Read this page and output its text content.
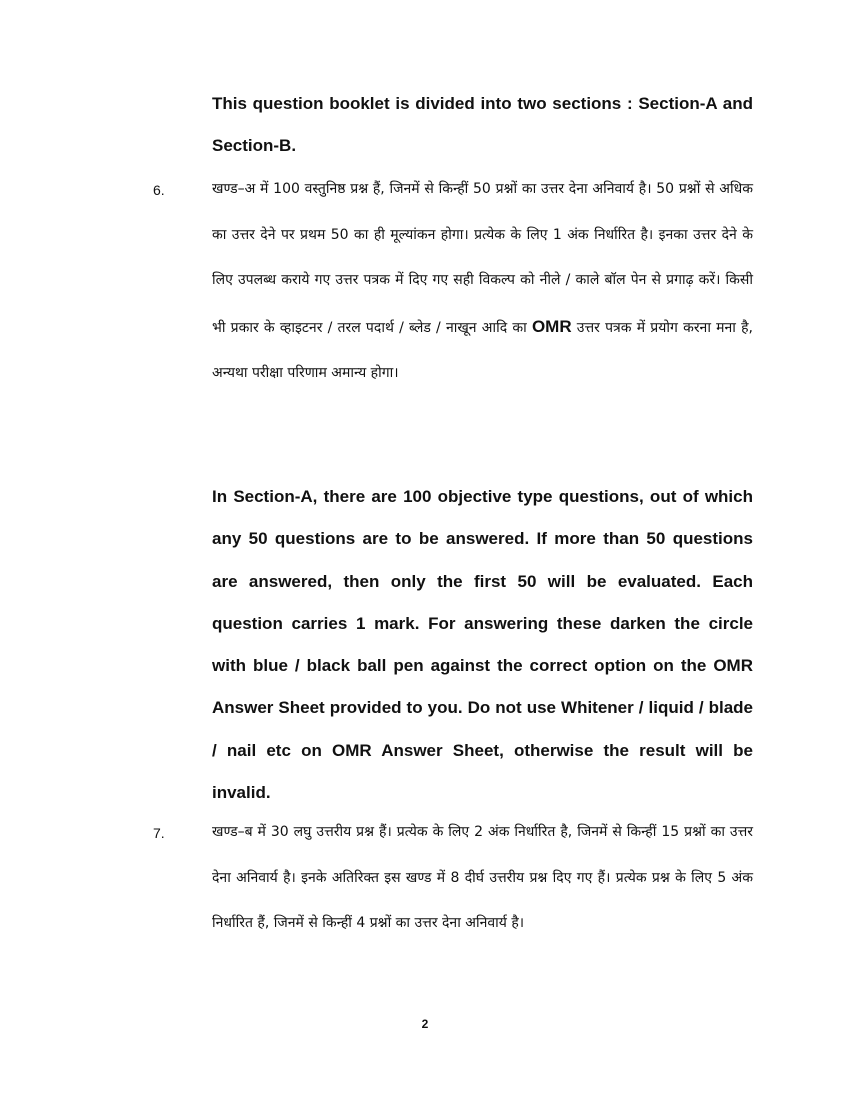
This question booklet is divided into two sections : Section-A and Section-B.

6.	खण्ड–अ में 100 वस्तुनिष्ठ प्रश्न हैं, जिनमें से किन्हीं 50 प्रश्नों का उत्तर देना अनिवार्य है। 50 प्रश्नों से अधिक का उत्तर देने पर प्रथम 50 का ही मूल्यांकन होगा। प्रत्येक के लिए 1 अंक निर्धारित है। इनका उत्तर देने के लिए उपलब्ध कराये गए उत्तर पत्रक में दिए गए सही विकल्प को नीले / काले बॉल पेन से प्रगाढ़ करें। किसी भी प्रकार के व्हाइटनर / तरल पदार्थ / ब्लेड / नाखून आदि का OMR उत्तर पत्रक में प्रयोग करना मना है, अन्यथा परीक्षा परिणाम अमान्य होगा।

In Section-A, there are 100 objective type questions, out of which any 50 questions are to be answered. If more than 50 questions are answered, then only the first 50 will be evaluated. Each question carries 1 mark. For answering these darken the circle with blue / black ball pen against the correct option on the OMR Answer Sheet provided to you. Do not use Whitener / liquid / blade / nail etc on OMR Answer Sheet, otherwise the result will be invalid.

7.	खण्ड–ब में 30 लघु उत्तरीय प्रश्न हैं। प्रत्येक के लिए 2 अंक निर्धारित है, जिनमें से किन्हीं 15 प्रश्नों का उत्तर देना अनिवार्य है। इनके अतिरिक्त इस खण्ड में 8 दीर्घ उत्तरीय प्रश्न दिए गए हैं। प्रत्येक प्रश्न के लिए 5 अंक निर्धारित हैं, जिनमें से किन्हीं 4 प्रश्नों का उत्तर देना अनिवार्य है।

2
